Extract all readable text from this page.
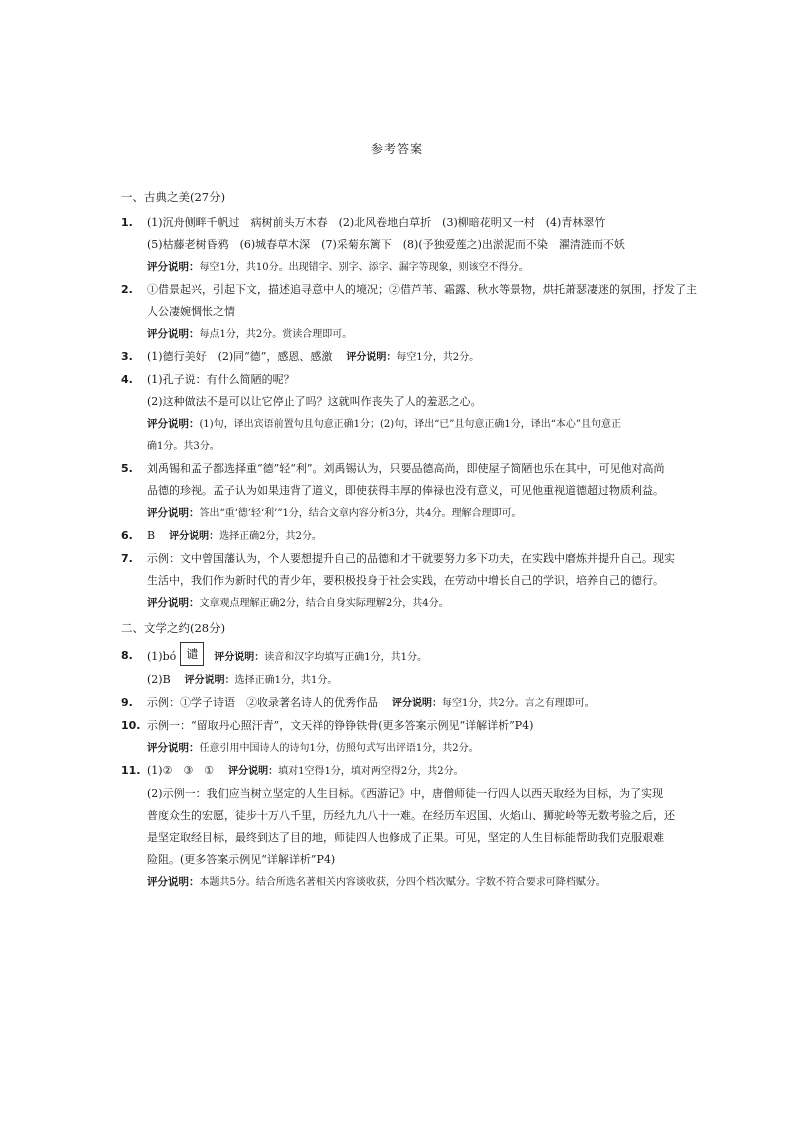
参考答案
一、古典之美(27分)
1.	(1)沉舟侧畔千帆过　病树前头万木春　(2)北风卷地白草折　(3)柳暗花明又一村　(4)青林翠竹
(5)枯藤老树昏鸦　(6)城春草木深　(7)采菊东篱下　(8)(予独爱莲之)出淤泥而不染　濯清涟而不妖
评分说明：每空1分，共10分。出现错字、别字、添字、漏字等现象，则该空不得分。
2.	①借景起兴，引起下文，描述追寻意中人的境况；②借芦苇、霜露、秋水等景物，烘托萧瑟凄迷的氛围，抒发了主
人公凄婉惆怅之情
评分说明：每点1分，共2分。赏读合理即可。
3.	(1)德行美好　(2)同“德”，感恩、感激 评分说明：每空1分，共2分。
4.	(1)孔子说：有什么简陋的呢？
(2)这种做法不是可以让它停止了吗？这就叫作丧失了人的羞恶之心。
评分说明：(1)句，译出宾语前置句且句意正确1分；(2)句，译出“已”且句意正确1分，译出“本心”且句意正
确1分。共3分。
5.	刘禹锡和孟子都选择重“德”轻“利”。刘禹锡认为，只要品德高尚，即使屋子简陋也乐在其中，可见他对高尚
品德的珍视。孟子认为如果违背了道义，即使获得丰厚的俸禄也没有意义，可见他重视道德超过物质利益。
评分说明：答出“重‘德’轻‘利’”1分，结合文章内容分析3分，共4分。理解合理即可。
6.	B 评分说明：选择正确2分，共2分。
7.	示例：文中曾国藩认为，个人要想提升自己的品德和才干就要努力多下功夫，在实践中磨炼并提升自己。现实
生活中，我们作为新时代的青少年，要积极投身于社会实践，在劳动中增长自己的学识，培养自己的德行。
评分说明：文章观点理解正确2分，结合自身实际理解2分，共4分。
二、文学之约(28分)
8.	(1)bó 谴 评分说明：读音和汉字均填写正确1分，共1分。
(2)B 评分说明：选择正确1分，共1分。
9.	示例：①学子诗语　②收录著名诗人的优秀作品 评分说明：每空1分，共2分。言之有理即可。
10. 示例一：“留取丹心照汗青”，文天祥的铮铮铁骨(更多答案示例见“详解详析”P4)
评分说明：任意引用中国诗人的诗句1分，仿照句式写出评语1分，共2分。
11. (1)②　③　① 评分说明：填对1空得1分，填对两空得2分，共2分。
(2)示例一：我们应当树立坚定的人生目标。《西游记》中，唐僧师徒一行四人以西天取经为目标，为了实现
普度众生的宏愿，徒步十万八千里，历经九九八十一难。在经历车迟国、火焰山、狮驼岭等无数考验之后，还
是坚定取经目标，最终到达了目的地，师徒四人也修成了正果。可见，坚定的人生目标能帮助我们克服艰难
险阻。(更多答案示例见“详解详析”P4)
评分说明：本题共5分。结合所选名著相关内容谈收获，分四个档次赋分。字数不符合要求可降档赋分。
